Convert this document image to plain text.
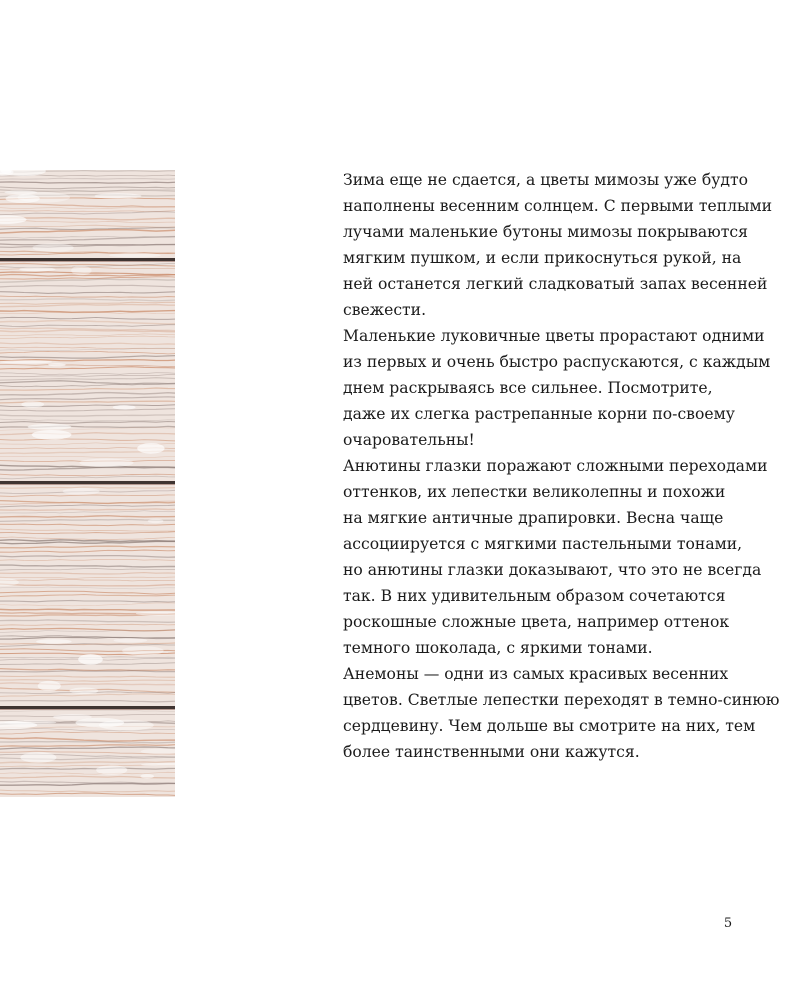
Зима еще не сдается, а цветы мимозы уже будто
наполнены весенним солнцем. С первыми теплыми
лучами маленькие бутоны мимозы покрываются
мягким пушком, и если прикоснуться рукой, на
ней останется легкий сладковатый запах весенней
свежести.
Маленькие луковичные цветы прорастают одними
из первых и очень быстро распускаются, с каждым
днем раскрываясь все сильнее. Посмотрите,
даже их слегка растрепанные корни по-своему
очаровательны!
Анютины глазки поражают сложными переходами
оттенков, их лепестки великолепны и похожи
на мягкие античные драпировки. Весна чаще
ассоциируется с мягкими пастельными тонами,
но анютины глазки доказывают, что это не всегда
так. В них удивительным образом сочетаются
роскошные сложные цвета, например оттенок
темного шоколада, с яркими тонами.
Анемоны — одни из самых красивых весенних
цветов. Светлые лепестки переходят в темно-синюю
сердцевину. Чем дольше вы смотрите на них, тем
более таинственными они кажутся.
5
